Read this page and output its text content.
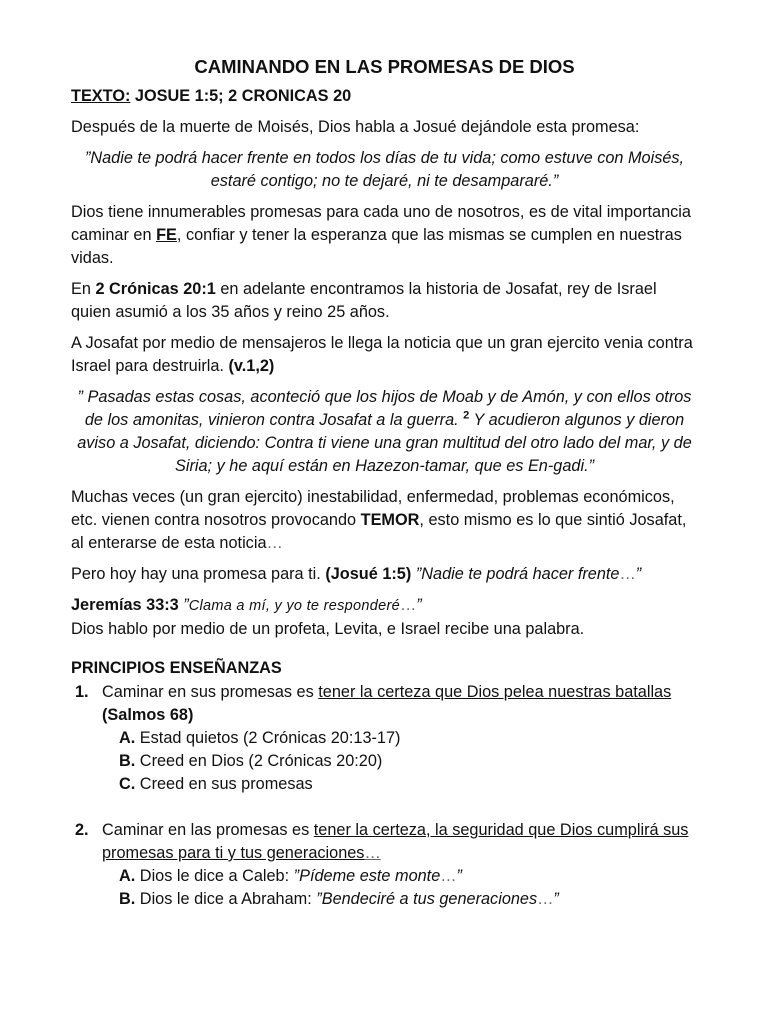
CAMINANDO EN LAS PROMESAS DE DIOS

TEXTO: JOSUE 1:5; 2 CRONICAS 20

Después de la muerte de Moisés, Dios habla a Josué dejándole esta promesa:

”Nadie te podrá hacer frente en todos los días de tu vida; como estuve con Moisés, estaré contigo; no te dejaré, ni te desampararé.”

Dios tiene innumerables promesas para cada uno de nosotros, es de vital importancia caminar en FE, confiar y tener la esperanza que las mismas se cumplen en nuestras vidas.

En 2 Crónicas 20:1 en adelante encontramos la historia de Josafat, rey de Israel quien asumió a los 35 años y reino 25 años.

A Josafat por medio de mensajeros le llega la noticia que un gran ejercito venia contra Israel para destruirla. (v.1,2)

” Pasadas estas cosas, aconteció que los hijos de Moab y de Amón, y con ellos otros de los amonitas, vinieron contra Josafat a la guerra. $^2$ Y acudieron algunos y dieron aviso a Josafat, diciendo: Contra ti viene una gran multitud del otro lado del mar, y de Siria; y he aquí están en Hazezon-tamar, que es En-gadi.”

Muchas veces (un gran ejercito) inestabilidad, enfermedad, problemas económicos, etc. vienen contra nosotros provocando TEMOR, esto mismo es lo que sintió Josafat, al enterarse de esta noticia…

Pero hoy hay una promesa para ti. (Josué 1:5) ”Nadie te podrá hacer frente…”

Jeremías 33:3 ”Clama a mí, y yo te responderé…”

Dios hablo por medio de un profeta, Levita, e Israel recibe una palabra.

PRINCIPIOS ENSEÑANZAS

1. Caminar en sus promesas es tener la certeza que Dios pelea nuestras batallas (Salmos 68)
A. Estad quietos (2 Crónicas 20:13-17)
B. Creed en Dios (2 Crónicas 20:20)
C. Creed en sus promesas
2. Caminar en las promesas es tener la certeza, la seguridad que Dios cumplirá sus promesas para ti y tus generaciones…
A. Dios le dice a Caleb: ”Pídeme este monte…”
B. Dios le dice a Abraham: ”Bendeciré a tus generaciones…”
